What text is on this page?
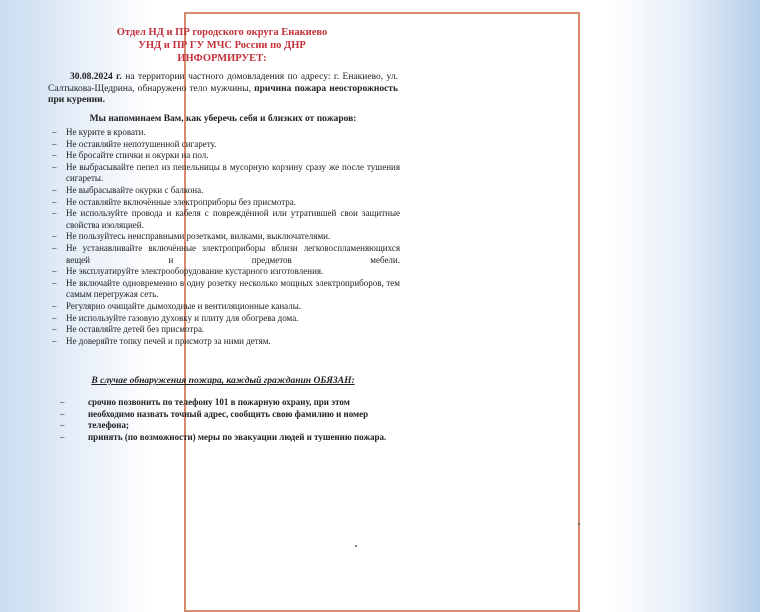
Отдел НД и ПР городского округа Енакиево
УНД и ПР ГУ МЧС России по ДНР
ИНФОРМИРУЕТ:
30.08.2024 г. на территории частного домовладения по адресу: г. Енакиево, ул. Салтыкова-Щедрина, обнаружено тело мужчины, причина пожара неосторожность при курении.
Мы напоминаем Вам, как уберечь себя и близких от пожаров:
–	Не курите в кровати.
–	Не оставляйте непотушенной сигарету.
–	Не бросайте спички и окурки на пол.
–	Не выбрасывайте пепел из пепельницы в мусорную корзину сразу же после тушения сигареты.
–	Не выбрасывайте окурки с балкона.
–	Не оставляйте включённые электроприборы без присмотра.
–	Не используйте провода и кабеля с повреждённой или утратившей свои защитные свойства изоляцией.
–	Не пользуйтесь неисправными розетками, вилками, выключателями.
–	Не устанавливайте включённые электроприборы вблизи легковоспламеняющихся вещей и предметов мебели.
–	Не эксплуатируйте электрооборудование кустарного изготовления.
–	Не включайте одновременно в одну розетку несколько мощных электроприборов, тем самым перегружая сеть.
–	Регулярно очищайте дымоходные и вентиляционные каналы.
–	Не используйте газовую духовку и плиту для обогрева дома.
–	Не оставляйте детей без присмотра.
–	Не доверяйте топку печей и присмотр за ними детям.
В случае обнаружения пожара, каждый гражданин ОБЯЗАН:
–	срочно позвонить по телефону 101 в пожарную охрану, при этом
–	необходимо назвать точный адрес, сообщить свою фамилию и номер
–	телефона;
–	принять (по возможности) меры по эвакуации людей и тушению пожара.
